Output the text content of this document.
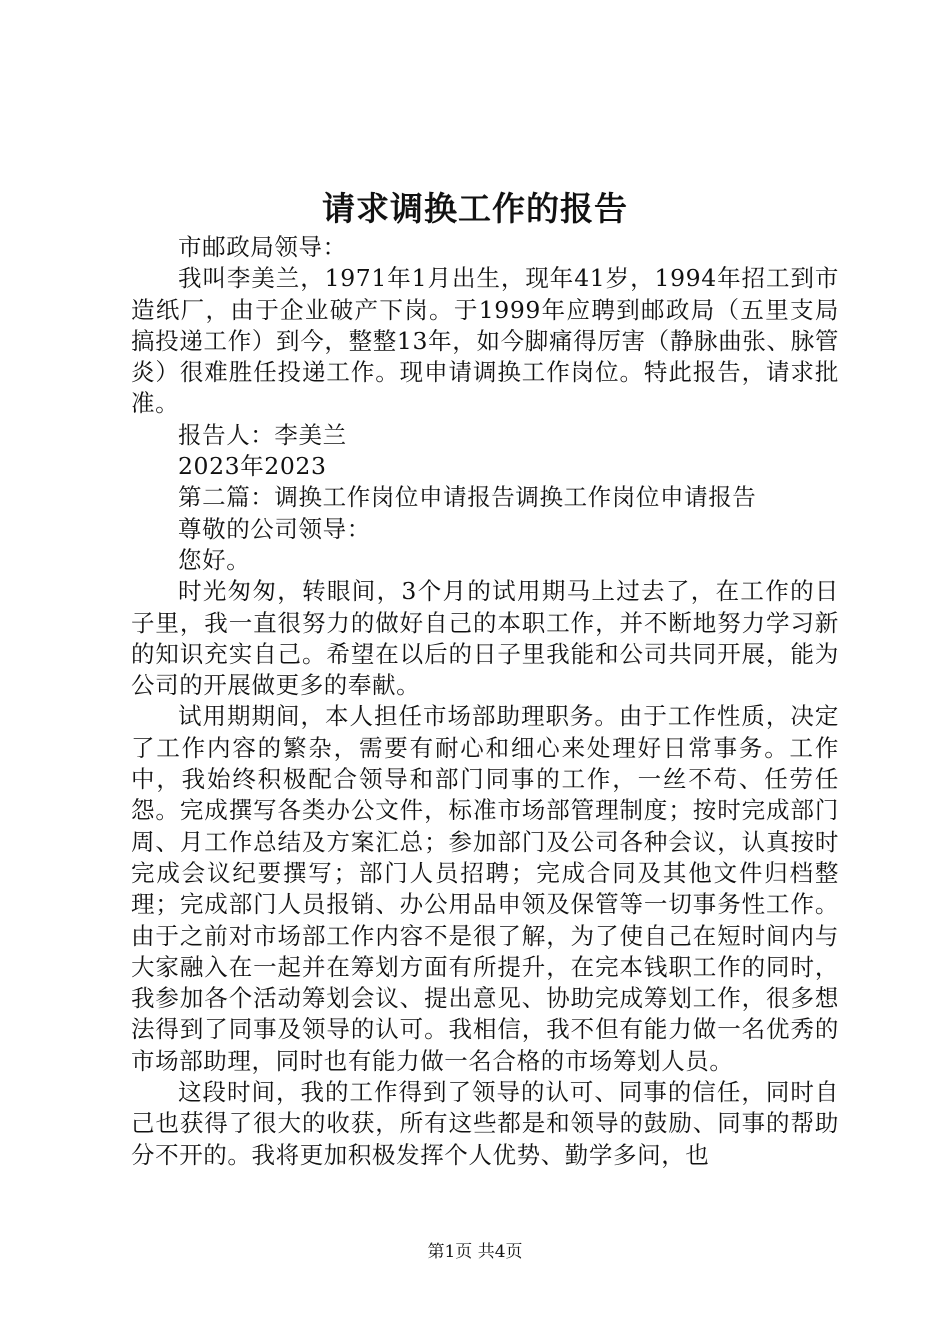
请求调换工作的报告

市邮政局领导：

我叫李美兰，1971年1月出生，现年41岁，1994年招工到市造纸厂，由于企业破产下岗。于1999年应聘到邮政局（五里支局搞投递工作）到今，整整13年，如今脚痛得厉害（静脉曲张、脉管炎）很难胜任投递工作。现申请调换工作岗位。特此报告，请求批准。

报告人：李美兰

2023年2023

第二篇：调换工作岗位申请报告调换工作岗位申请报告

尊敬的公司领导：

您好。

时光匆匆，转眼间，3个月的试用期马上过去了，在工作的日子里，我一直很努力的做好自己的本职工作，并不断地努力学习新的知识充实自己。希望在以后的日子里我能和公司共同开展，能为公司的开展做更多的奉献。

试用期期间，本人担任市场部助理职务。由于工作性质，决定了工作内容的繁杂，需要有耐心和细心来处理好日常事务。工作中，我始终积极配合领导和部门同事的工作，一丝不苟、任劳任怨。完成撰写各类办公文件，标准市场部管理制度；按时完成部门周、月工作总结及方案汇总；参加部门及公司各种会议，认真按时完成会议纪要撰写；部门人员招聘；完成合同及其他文件归档整理；完成部门人员报销、办公用品申领及保管等一切事务性工作。由于之前对市场部工作内容不是很了解，为了使自己在短时间内与大家融入在一起并在筹划方面有所提升，在完本钱职工作的同时，我参加各个活动筹划会议、提出意见、协助完成筹划工作，很多想法得到了同事及领导的认可。我相信，我不但有能力做一名优秀的市场部助理，同时也有能力做一名合格的市场筹划人员。

这段时间，我的工作得到了领导的认可、同事的信任，同时自己也获得了很大的收获，所有这些都是和领导的鼓励、同事的帮助分不开的。我将更加积极发挥个人优势、勤学多问，也

第1页 共4页
